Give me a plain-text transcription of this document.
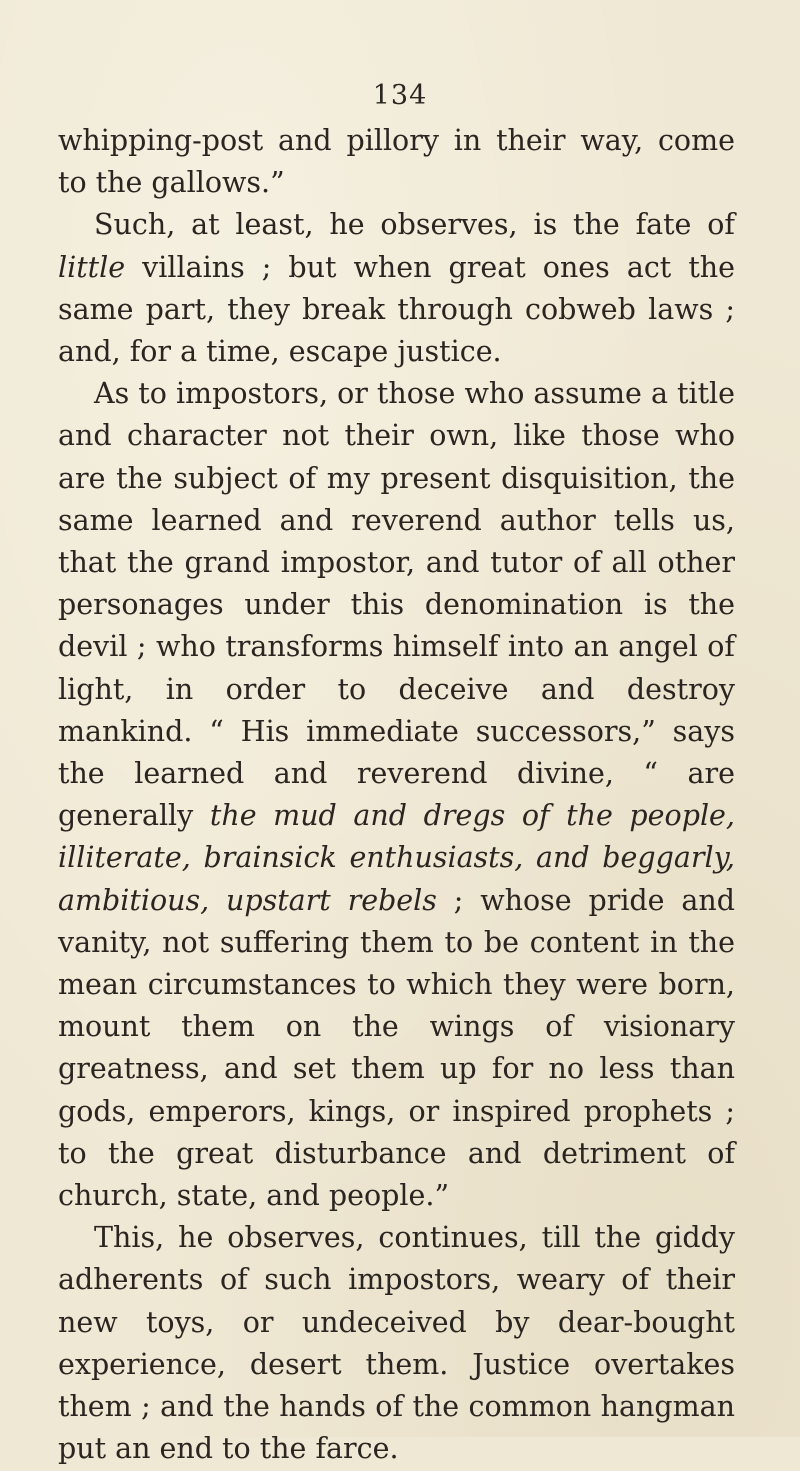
134

whipping-post and pillory in their way, come to the gallows.”

Such, at least, he observes, is the fate of little villains ; but when great ones act the same part, they break through cobweb laws ; and, for a time, escape justice.

As to impostors, or those who assume a title and character not their own, like those who are the subject of my present disquisition, the same learned and reverend author tells us, that the grand impostor, and tutor of all other personages under this denomination is the devil ; who transforms himself into an angel of light, in order to deceive and destroy mankind. “ His immediate successors,” says the learned and reverend divine, “ are generally the mud and dregs of the people, illiterate, brainsick enthusiasts, and beggarly, ambitious, upstart rebels ; whose pride and vanity, not suffering them to be content in the mean circumstances to which they were born, mount them on the wings of visionary greatness, and set them up for no less than gods, emperors, kings, or inspired prophets ; to the great disturbance and detriment of church, state, and people.”

This, he observes, continues, till the giddy adherents of such impostors, weary of their new toys, or undeceived by dear-bought experience, desert them. Justice overtakes them ; and the hands of the common hangman put an end to the farce.
